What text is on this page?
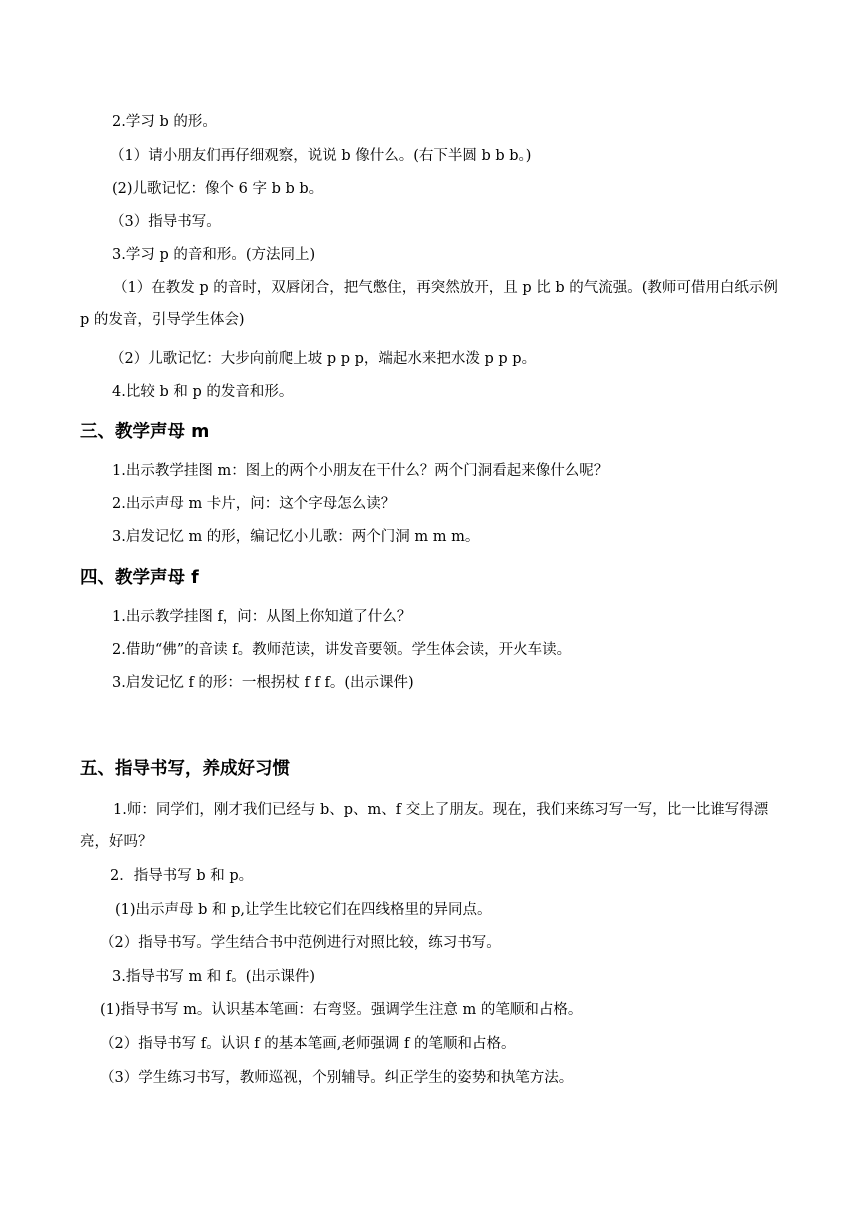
2.学习 b 的形。

（1）请小朋友们再仔细观察，说说 b 像什么。(右下半圆 b b b。)

(2)儿歌记忆：像个 6 字 b b b。

（3）指导书写。

3.学习 p 的音和形。(方法同上)

（1）在教发 p 的音时，双唇闭合，把气憋住，再突然放开，且 p 比 b 的气流强。(教师可借用白纸示例 p 的发音，引导学生体会)

（2）儿歌记忆：大步向前爬上坡 p p p，端起水来把水泼 p p p。

4.比较 b 和 p 的发音和形。

三、教学声母 m

1.出示教学挂图 m：图上的两个小朋友在干什么？两个门洞看起来像什么呢？

2.出示声母 m 卡片，问：这个字母怎么读？

3.启发记忆 m 的形，编记忆小儿歌：两个门洞 m m m。

四、教学声母 f

1.出示教学挂图 f，问：从图上你知道了什么？

2.借助“佛”的音读 f。教师范读，讲发音要领。学生体会读，开火车读。

3.启发记忆 f 的形：一根拐杖 f f f。(出示课件)

五、指导书写，养成好习惯

1.师：同学们，刚才我们已经与 b、p、m、f 交上了朋友。现在，我们来练习写一写，比一比谁写得漂亮，好吗？

2．指导书写 b 和 p。

(1)出示声母 b 和 p,让学生比较它们在四线格里的异同点。

（2）指导书写。学生结合书中范例进行对照比较，练习书写。

3.指导书写 m 和 f。(出示课件)

(1)指导书写 m。认识基本笔画：右弯竖。强调学生注意 m 的笔顺和占格。

（2）指导书写 f。认识 f 的基本笔画,老师强调 f 的笔顺和占格。

（3）学生练习书写，教师巡视，个别辅导。纠正学生的姿势和执笔方法。
